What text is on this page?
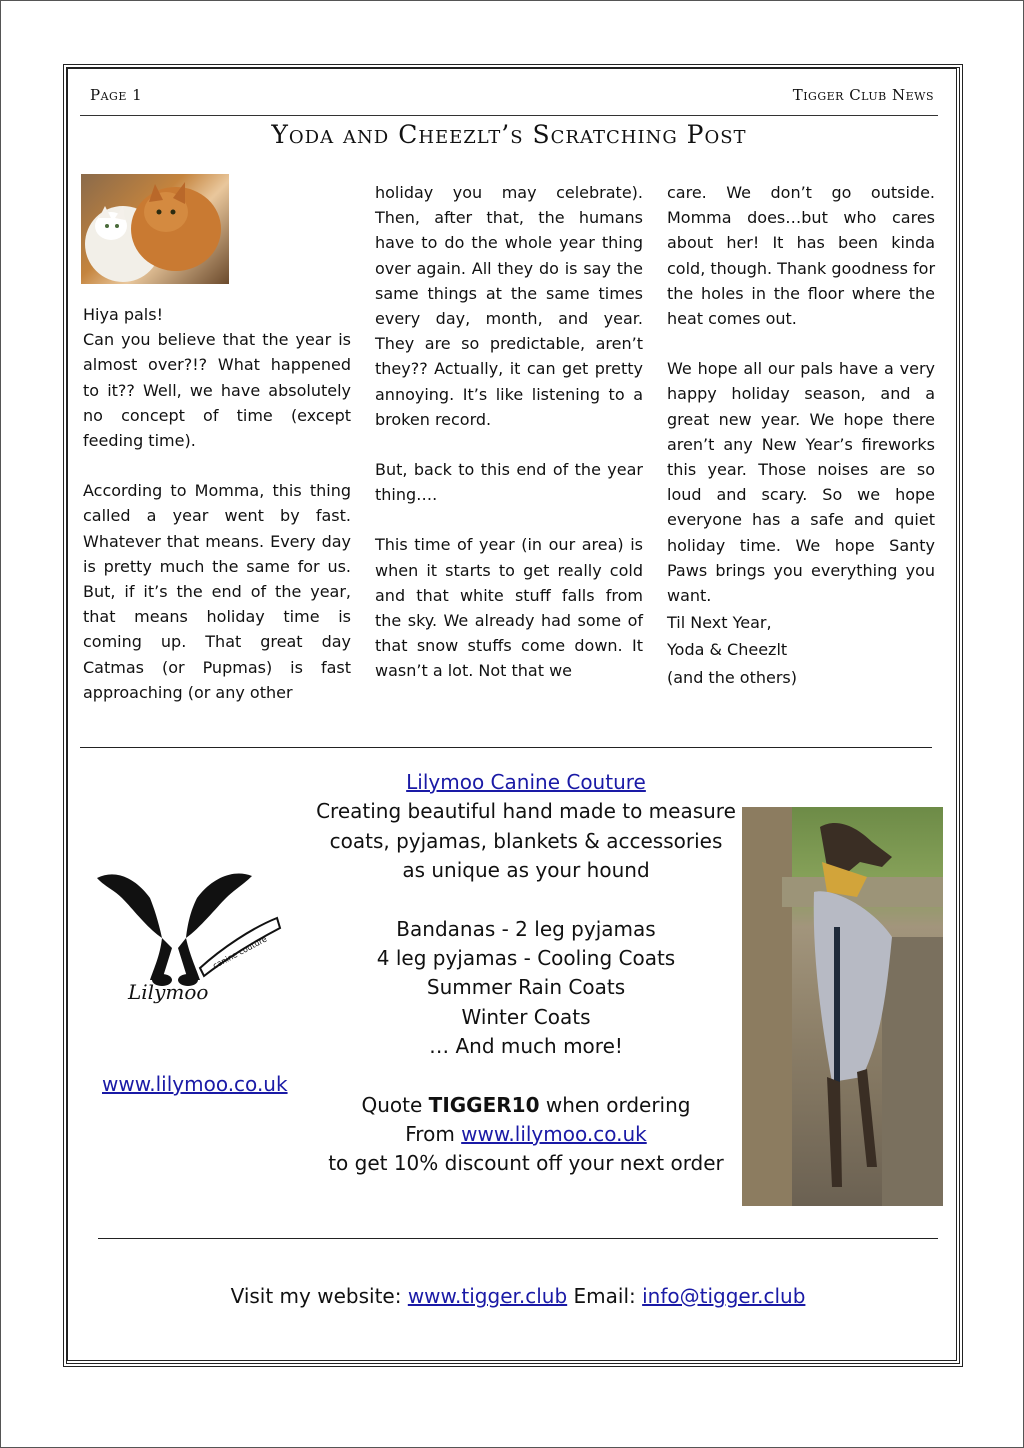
Page 1	Tigger Club News
Yoda and Cheezlt’s Scratching Post

Hiya pals!

Can you believe that the year is almost over?!? What happened to it?? Well, we have absolutely no concept of time (except feeding time).

According to Momma, this thing called a year went by fast. Whatever that means. Every day is pretty much the same for us. But, if it’s the end of the year, that means holiday time is coming up. That great day Catmas (or Pupmas) is fast approaching (or any other

holiday you may celebrate). Then, after that, the humans have to do the whole year thing over again. All they do is say the same things at the same times every day, month, and year. They are so predictable, aren’t they?? Actually, it can get pretty annoying. It’s like listening to a broken record.

But, back to this end of the year thing….

This time of year (in our area) is when it starts to get really cold and that white stuff falls from the sky. We already had some of that snow stuffs come down. It wasn’t a lot. Not that we

care. We don’t go outside. Momma does…but who cares about her! It has been kinda cold, though. Thank goodness for the holes in the floor where the heat comes out.

We hope all our pals have a very happy holiday season, and a great new year. We hope there aren’t any New Year’s fireworks this year. Those noises are so loud and scary. So we hope everyone has a safe and quiet holiday time. We hope Santy Paws brings you everything you want.

Til Next Year,

Yoda & Cheezlt

(and the others)

Lilymoo
canine couture
www.lilymoo.co.uk

Lilymoo Canine Couture

Creating beautiful hand made to measure coats, pyjamas, blankets & accessories as unique as your hound

Bandanas - 2 leg pyjamas

4 leg pyjamas - Cooling Coats

Summer Rain Coats

Winter Coats

… And much more!

Quote TIGGER10 when ordering

From www.lilymoo.co.uk

to get 10% discount off your next order

Visit my website: www.tigger.club Email: info@tigger.club
